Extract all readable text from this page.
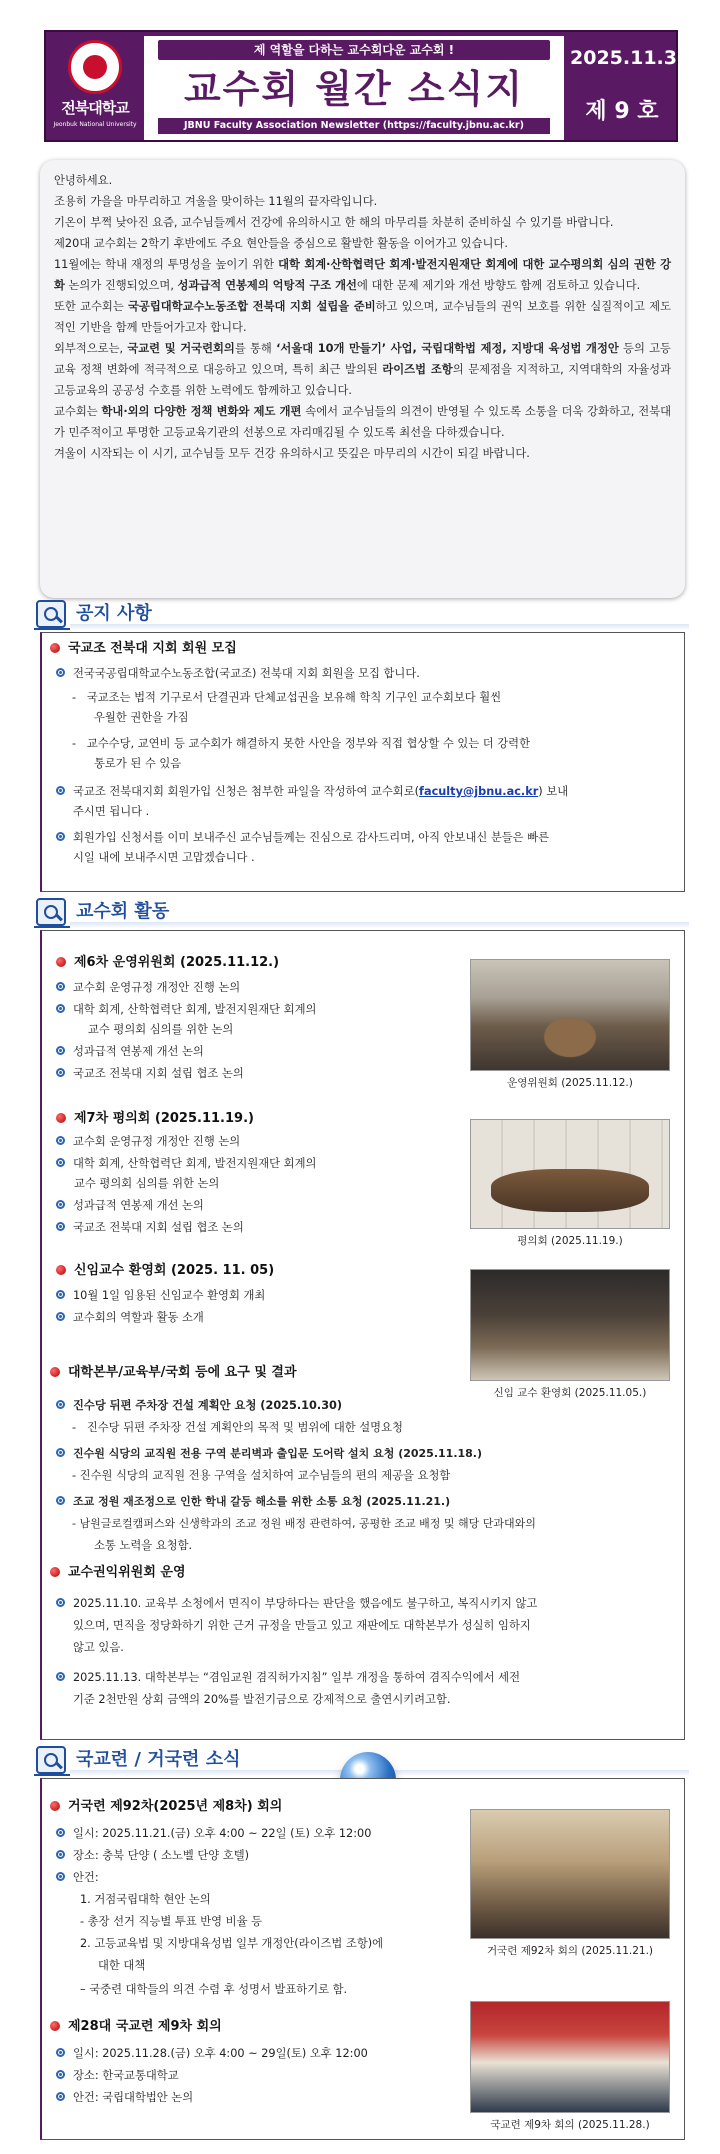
전북대학교
Jeonbuk National University
제 역할을 다하는 교수회다운 교수회 !
교수회 월간 소식지
JBNU Faculty Association Newsletter (https://faculty.jbnu.ac.kr)
2025.11.30.
제 9 호

안녕하세요.

조용히 가을을 마무리하고 겨울을 맞이하는 11월의 끝자락입니다.

기온이 부쩍 낮아진 요즘, 교수님들께서 건강에 유의하시고 한 해의 마무리를 차분히 준비하실 수 있기를 바랍니다.

제20대 교수회는 2학기 후반에도 주요 현안들을 중심으로 활발한 활동을 이어가고 있습니다.

11월에는 학내 재정의 투명성을 높이기 위한 대학 회계·산학협력단 회계·발전지원재단 회계에 대한 교수평의회 심의 권한 강화 논의가 진행되었으며, 성과급적 연봉제의 억탕적 구조 개선에 대한 문제 제기와 개선 방향도 함께 검토하고 있습니다.

또한 교수회는 국공립대학교수노동조합 전북대 지회 설립을 준비하고 있으며, 교수님들의 권익 보호를 위한 실질적이고 제도적인 기반을 함께 만들어가고자 합니다.

외부적으로는, 국교련 및 거국련회의를 통해 ‘서울대 10개 만들기’ 사업, 국립대학법 제정, 지방대 육성법 개정안 등의 고등교육 정책 변화에 적극적으로 대응하고 있으며, 특히 최근 발의된 라이즈법 조항의 문제점을 지적하고, 지역대학의 자율성과 고등교육의 공공성 수호를 위한 노력에도 함께하고 있습니다.

교수회는 학내·외의 다양한 정책 변화와 제도 개편 속에서 교수님들의 의견이 반영될 수 있도록 소통을 더욱 강화하고, 전북대가 민주적이고 투명한 고등교육기관의 선봉으로 자리매김될 수 있도록 최선을 다하겠습니다.

겨울이 시작되는 이 시기, 교수님들 모두 건강 유의하시고 뜻깊은 마무리의 시간이 되길 바랍니다.

공지 사항
국교조 전북대 지회 회원 모집
전국국공립대학교수노동조합(국교조) 전북대 지회 회원을 모집 합니다.
-   국교조는 법적 기구로서 단결권과 단체교섭권을 보유해 학칙 기구인 교수회보다 훨씬
우월한 권한을 가짐
-   교수수당, 교연비 등 교수회가 해결하지 못한 사안을 정부와 직접 협상할 수 있는 더 강력한
통로가 된 수 있음
국교조 전북대지회 회원가입 신청은 첨부한 파일을 작성하여 교수회로(faculty@jbnu.ac.kr) 보내
주시면 됩니다 .
회원가입 신청서를 이미 보내주신 교수님들께는 진심으로 감사드리며, 아직 안보내신 분들은 빠른
시일 내에 보내주시면 고맙겠습니다 .
교수회 활동
제6차 운영위원회 (2025.11.12.)
교수회 운영규정 개정안 진행 논의
대학 회계, 산학협력단 회계, 발전지원재단 회계의
교수 평의회 심의를 위한 논의
성과급적 연봉제 개선 논의
국교조 전북대 지회 설립 협조 논의
운영위원회 (2025.11.12.)
제7차 평의회 (2025.11.19.)
교수회 운영규정 개정안 진행 논의
대학 회계, 산학협력단 회계, 발전지원재단 회계의
교수 평의회 심의를 위한 논의
성과급적 연봉제 개선 논의
국교조 전북대 지회 설립 협조 논의
평의회 (2025.11.19.)
신임교수 환영회 (2025. 11. 05)
10월 1일 임용된 신임교수 환영회 개최
교수회의 역할과 활동 소개
신임 교수 환영회 (2025.11.05.)
대학본부/교육부/국회 등에 요구 및 결과
진수당 뒤편 주차장 건설 계획안 요청 (2025.10.30)
-   진수당 뒤편 주차장 건설 계획안의 목적 및 범위에 대한 설명요청
진수원 식당의 교직원 전용 구역 분리벽과 출입문 도어락 설치 요청 (2025.11.18.)
- 진수원 식당의 교직원 전용 구역을 설치하여 교수님들의 편의 제공을 요청함
조교 정원 재조정으로 인한 학내 갈등 해소를 위한 소통 요청 (2025.11.21.)
- 남원글로컬캠퍼스와 신생학과의 조교 정원 배정 관련하여, 공평한 조교 배정 및 해당 단과대와의
소통 노력을 요청함.
교수권익위원회 운영
2025.11.10. 교육부 소청에서 면직이 부당하다는 판단을 했음에도 불구하고, 복직시키지 않고
있으며, 면직을 정당화하기 위한 근거 규정을 만들고 있고 재판에도 대학본부가 성실히 임하지
않고 있음.
2025.11.13. 대학본부는 “겸임교원 겸직허가지침” 일부 개정을 통하여 겸직수익에서 세전
기준 2천만원 상회 금액의 20%를 발전기금으로 강제적으로 출연시키려고함.
국교련 / 거국련 소식
거국련 제92차(2025년 제8차) 회의
일시: 2025.11.21.(금) 오후 4:00 ~ 22일 (토) 오후 12:00
장소: 충북 단양 ( 소노벨 단양 호텔)
안건:
1. 거점국립대학 현안 논의
- 총장 선거 직능별 투표 반영 비율 등
2. 고등교육법 및 지방대육성법 일부 개정안(라이즈법 조항)에
대한 대책
– 국중련 대학들의 의견 수렴 후 성명서 발표하기로 함.
거국련 제92차 회의 (2025.11.21.)
제28대 국교련 제9차 회의
일시: 2025.11.28.(금) 오후 4:00 ~ 29일(토) 오후 12:00
장소: 한국교통대학교
안건: 국립대학법안 논의
국교련 제9차 회의 (2025.11.28.)
